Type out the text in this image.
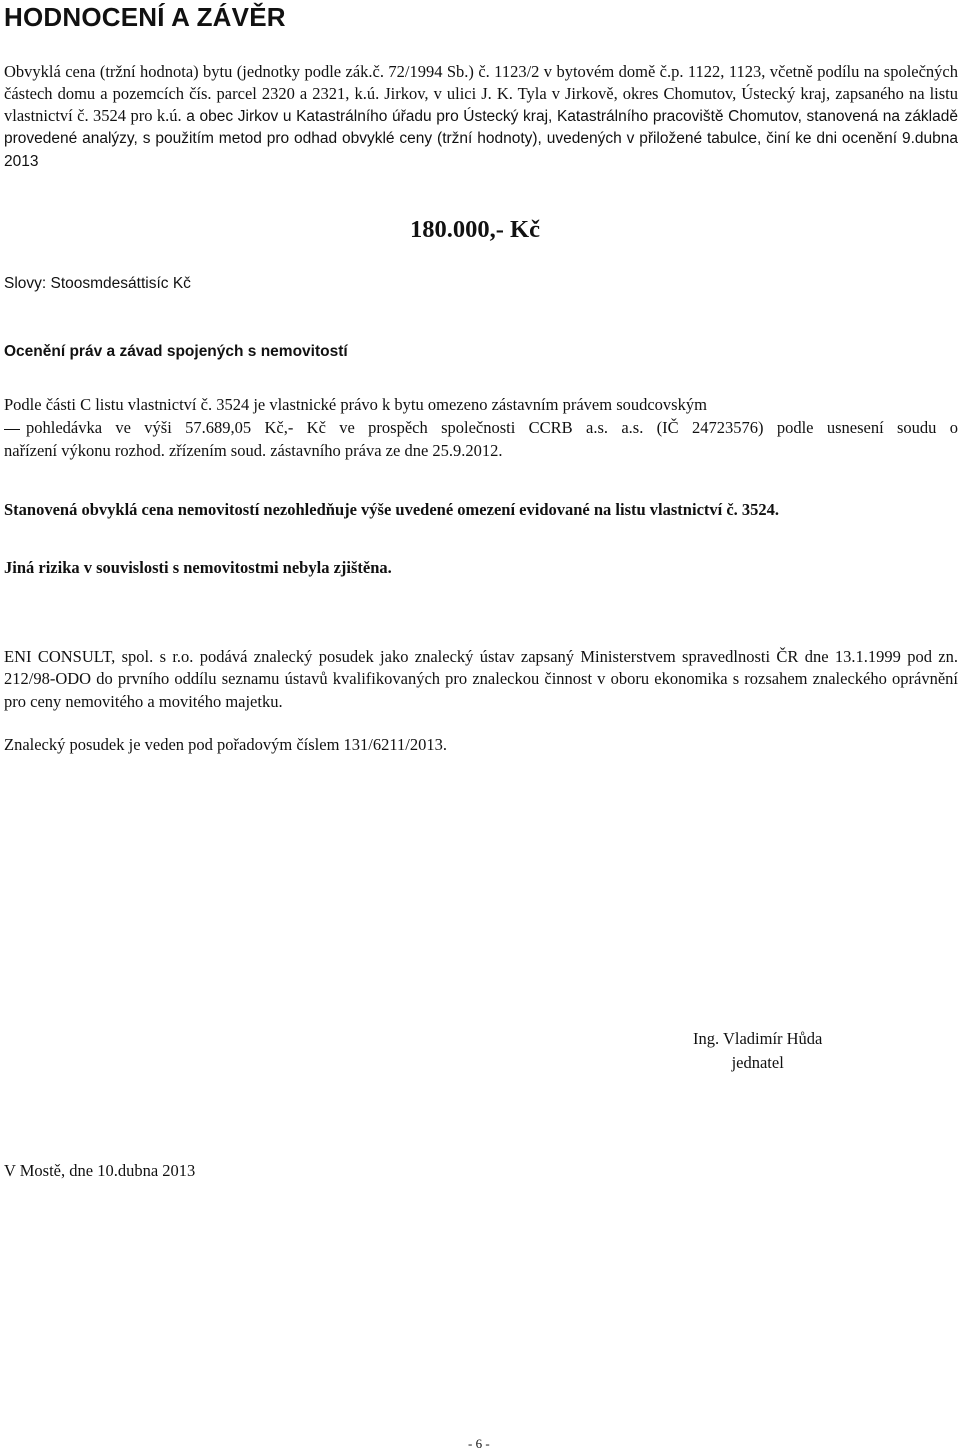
HODNOCENÍ A ZÁVĚR

Obvyklá cena (tržní hodnota) bytu (jednotky podle zák.č. 72/1994 Sb.) č. 1123/2 v bytovém domě č.p. 1122, 1123, včetně podílu na společných částech domu a pozemcích čís. parcel 2320 a 2321, k.ú. Jirkov, v ulici J. K. Tyla v Jirkově, okres Chomutov, Ústecký kraj, zapsaného na listu vlastnictví č. 3524 pro k.ú. a obec Jirkov u Katastrálního úřadu pro Ústecký kraj, Katastrálního pracoviště Chomutov, stanovená na základě provedené analýzy, s použitím metod pro odhad obvyklé ceny (tržní hodnoty), uvedených v přiložené tabulce, činí ke dni ocenění 9.dubna 2013

180.000,- Kč
Slovy: Stoosmdesáttisíc Kč
Ocenění práv a závad spojených s nemovitostí
Podle části C listu vlastnictví č. 3524 je vlastnické právo k bytu omezeno zástavním právem soudcovským
pohledávka ve výši 57.689,05 Kč,- Kč ve prospěch společnosti CCRB a.s. a.s. (IČ 24723576) podle usnesení soudu o
nařízení výkonu rozhod. zřízením soud. zástavního práva ze dne 25.9.2012.
Stanovená obvyklá cena nemovitostí nezohledňuje výše uvedené omezení evidované na listu vlastnictví č. 3524.
Jiná rizika v souvislosti s nemovitostmi nebyla zjištěna.

ENI CONSULT, spol. s r.o. podává znalecký posudek jako znalecký ústav zapsaný Ministerstvem spravedlnosti ČR dne 13.1.1999 pod zn. 212/98-ODO do prvního oddílu seznamu ústavů kvalifikovaných pro znaleckou činnost v oboru ekonomika s rozsahem znaleckého oprávnění pro ceny nemovitého a movitého majetku.

Znalecký posudek je veden pod pořadovým číslem 131/6211/2013.
Ing. Vladimír Hůda
jednatel
V Mostě, dne 10.dubna 2013
- 6 -
